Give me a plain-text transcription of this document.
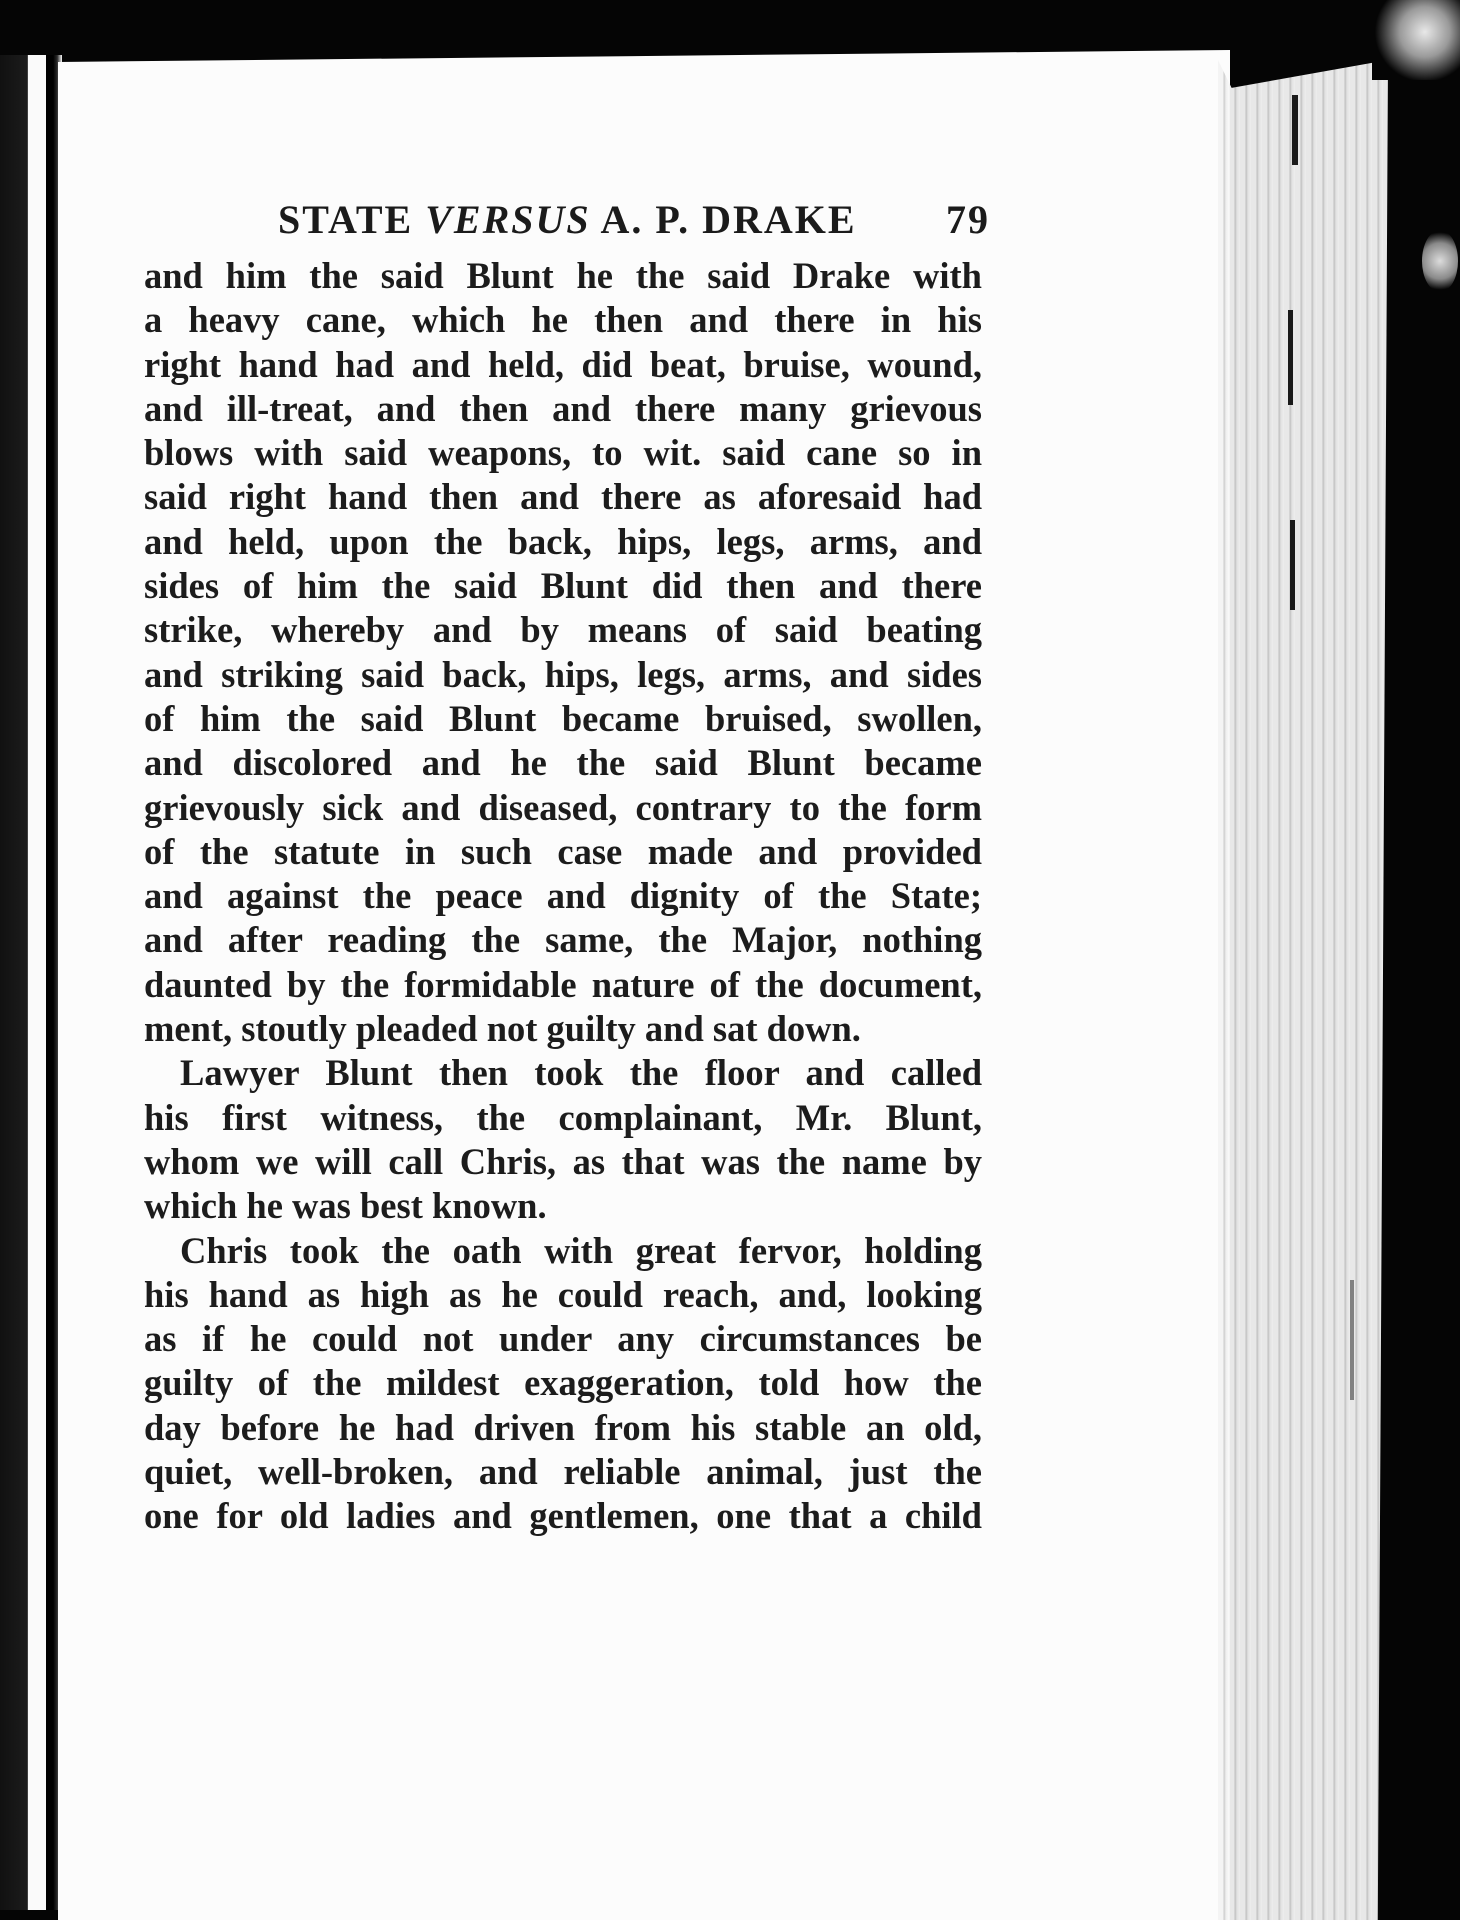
STATE VERSUS A. P. DRAKE 79
and him the said Blunt he the said Drake with
a heavy cane, which he then and there in his
right hand had and held, did beat, bruise, wound,
and ill-treat, and then and there many grievous
blows with said weapons, to wit. said cane so in
said right hand then and there as aforesaid had
and held, upon the back, hips, legs, arms, and
sides of him the said Blunt did then and there
strike, whereby and by means of said beating
and striking said back, hips, legs, arms, and sides
of him the said Blunt became bruised, swollen,
and discolored and he the said Blunt became
grievously sick and diseased, contrary to the form
of the statute in such case made and provided
and against the peace and dignity of the State;
and after reading the same, the Major, nothing
daunted by the formidable nature of the document,
ment, stoutly pleaded not guilty and sat down.
Lawyer Blunt then took the floor and called
his first witness, the complainant, Mr. Blunt,
whom we will call Chris, as that was the name by
which he was best known.
Chris took the oath with great fervor, holding
his hand as high as he could reach, and, looking
as if he could not under any circumstances be
guilty of the mildest exaggeration, told how the
day before he had driven from his stable an old,
quiet, well-broken, and reliable animal, just the
one for old ladies and gentlemen, one that a child
